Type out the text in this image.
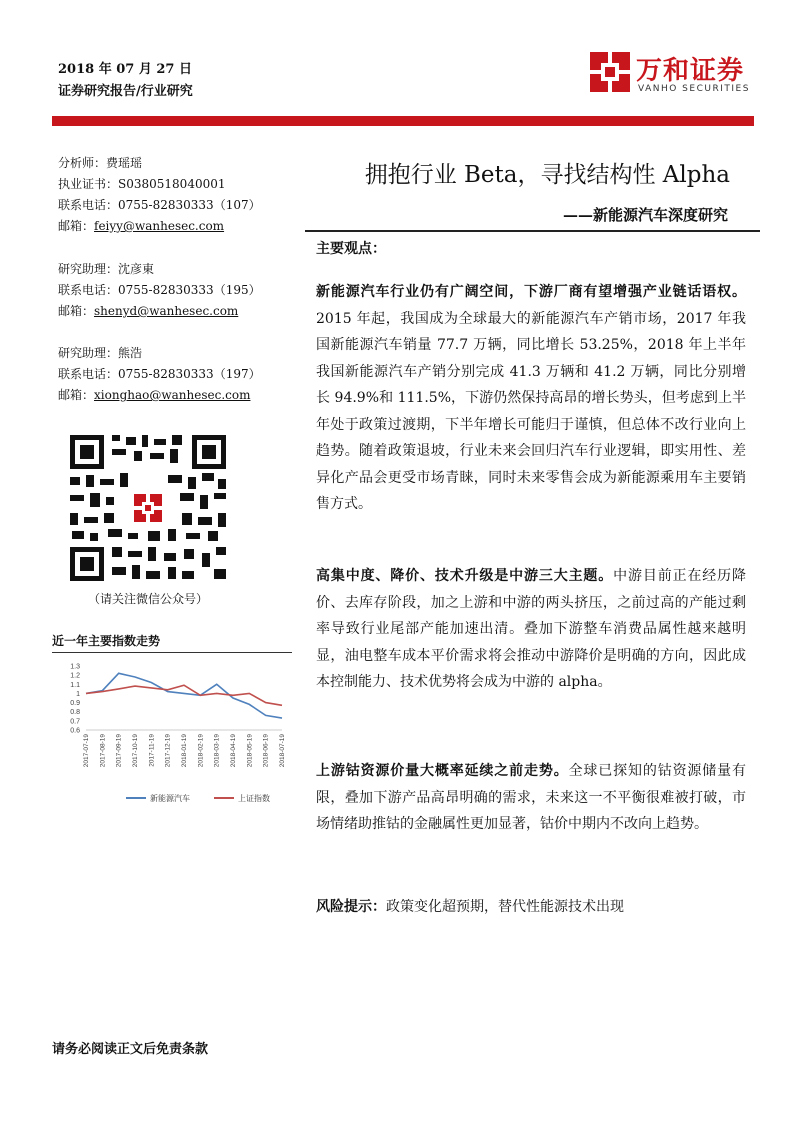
2018 年 07 月 27 日
证券研究报告/行业研究
万和证券
VANHO SECURITIES
分析师：费瑶瑶
执业证书：S0380518040001
联系电话：0755-82830333（107）
邮箱：feiyy@wanhesec.com
研究助理：沈彦東
联系电话：0755-82830333（195）
邮箱：shenyd@wanhesec.com
研究助理：熊浩
联系电话：0755-82830333（197）
邮箱：xionghao@wanhesec.com
（请关注微信公众号）
近一年主要指数走势
1.3
1.2
1.1
1
0.9
0.8
0.7
0.6
2017-07-19 2017-08-19 2017-09-19 2017-10-19 2017-11-19 2017-12-19 2018-01-19 2018-02-19 2018-03-19 2018-04-19 2018-05-19 2018-06-19 2018-07-19
新能源汽车	上证指数
拥抱行业 Beta，寻找结构性 Alpha
——新能源汽车深度研究
主要观点：
新能源汽车行业仍有广阔空间，下游厂商有望增强产业链话语权。2015 年起，我国成为全球最大的新能源汽车产销市场，2017 年我国新能源汽车销量 77.7 万辆，同比增长 53.25%，2018 年上半年我国新能源汽车产销分别完成 41.3 万辆和 41.2 万辆，同比分别增长 94.9%和 111.5%，下游仍然保持高昂的增长势头，但考虑到上半年处于政策过渡期，下半年增长可能归于谨慎，但总体不改行业向上趋势。随着政策退坡，行业未来会回归汽车行业逻辑，即实用性、差异化产品会更受市场青睐，同时未来零售会成为新能源乘用车主要销售方式。
高集中度、降价、技术升级是中游三大主题。中游目前正在经历降价、去库存阶段，加之上游和中游的两头挤压，之前过高的产能过剩率导致行业尾部产能加速出清。叠加下游整车消费品属性越来越明显，油电整车成本平价需求将会推动中游降价是明确的方向，因此成本控制能力、技术优势将会成为中游的 alpha。
上游钴资源价量大概率延续之前走势。全球已探知的钴资源储量有限，叠加下游产品高昂明确的需求，未来这一不平衡很难被打破，市场情绪助推钴的金融属性更加显著，钴价中期内不改向上趋势。
风险提示：政策变化超预期，替代性能源技术出现
请务必阅读正文后免责条款
